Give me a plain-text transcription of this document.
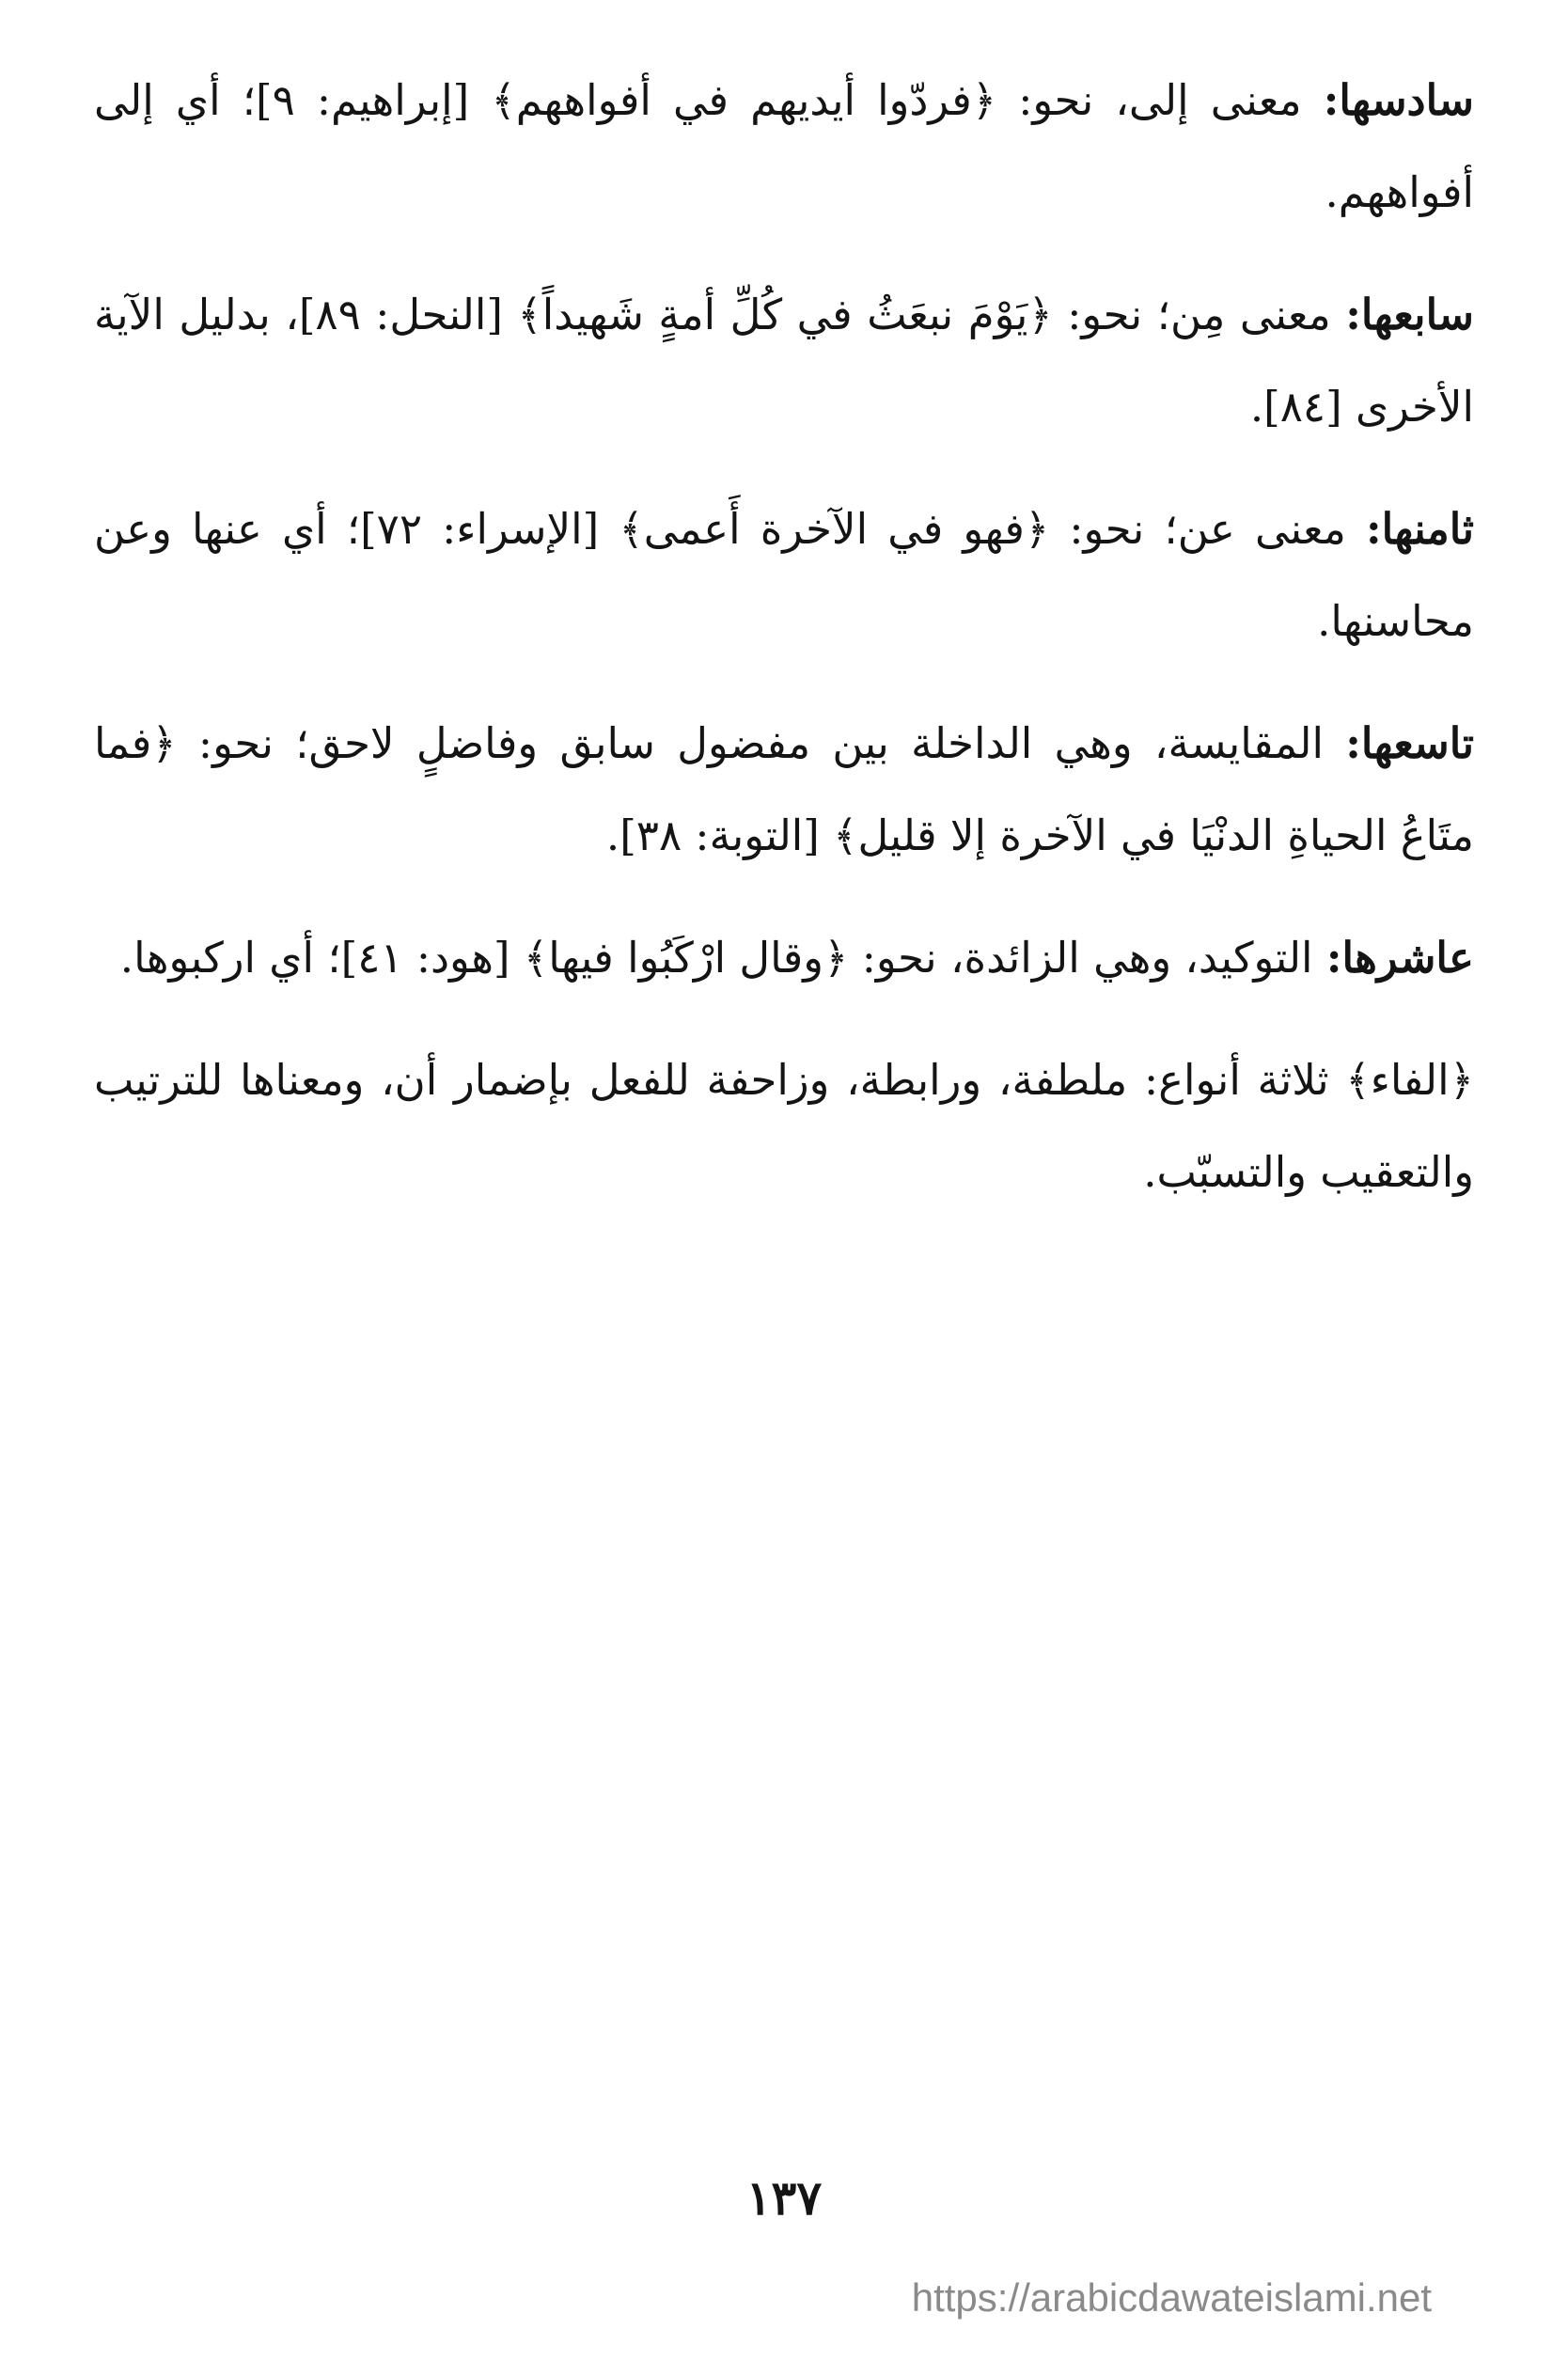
سادسها: معنى إلى، نحو: ﴿فردّوا أيديهم في أفواههم﴾ [إبراهيم: ٩]؛ أي إلى أفواههم.

سابعها: معنى مِن؛ نحو: ﴿يَوْمَ نبعَثُ في كُلِّ أمةٍ شَهيداً﴾ [النحل: ٨٩]، بدليل الآية الأخرى [٨٤].

ثامنها: معنى عن؛ نحو: ﴿فهو في الآخرة أَعمى﴾ [الإسراء: ٧٢]؛ أي عنها وعن محاسنها.

تاسعها: المقايسة، وهي الداخلة بين مفضول سابق وفاضلٍ لاحق؛ نحو: ﴿فما متَاعُ الحياةِ الدنْيَا في الآخرة إلا قليل﴾ [التوبة: ٣٨].

عاشرها: التوكيد، وهي الزائدة، نحو: ﴿وقال ارْكَبُوا فيها﴾ [هود: ٤١]؛ أي اركبوها.

﴿الفاء﴾ ثلاثة أنواع: ملطفة، ورابطة، وزاحفة للفعل بإضمار أن، ومعناها للترتيب والتعقيب والتسبّب.

١٣٧
https://arabicdawateislami.net
